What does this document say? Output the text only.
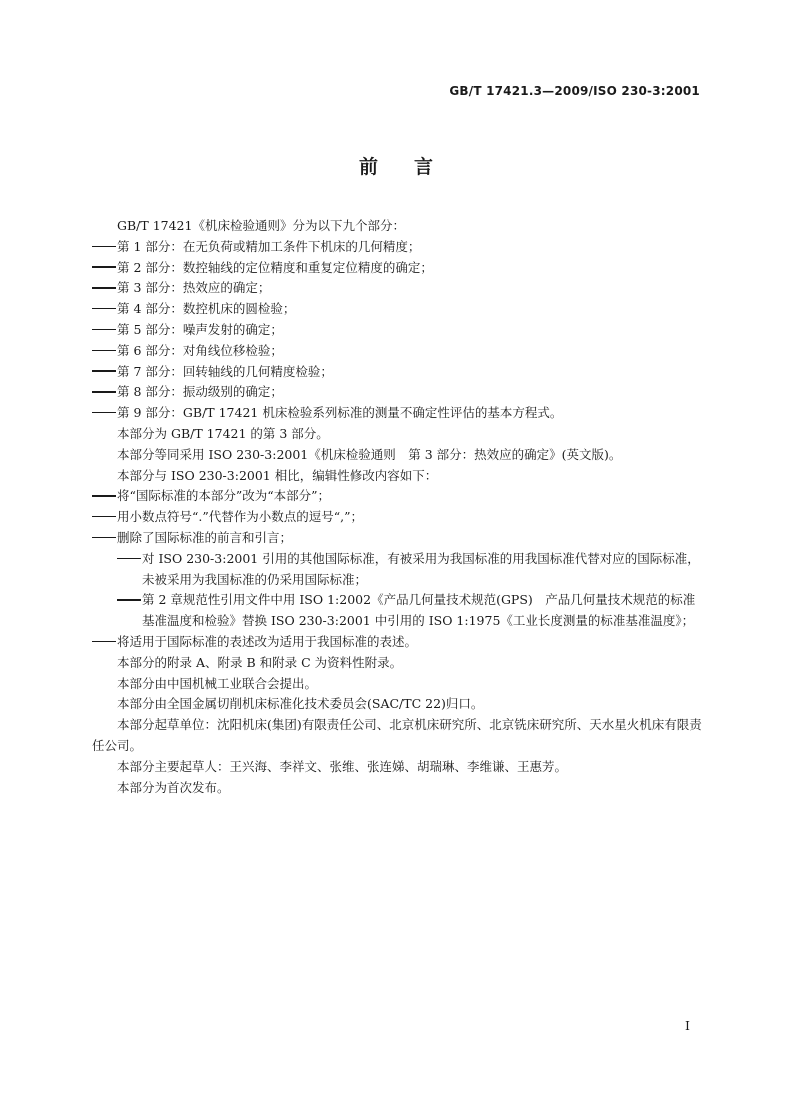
GB/T 17421.3—2009/ISO 230-3:2001
前言

GB/T 17421《机床检验通则》分为以下九个部分：

第 1 部分：在无负荷或精加工条件下机床的几何精度；

第 2 部分：数控轴线的定位精度和重复定位精度的确定；

第 3 部分：热效应的确定；

第 4 部分：数控机床的圆检验；

第 5 部分：噪声发射的确定；

第 6 部分：对角线位移检验；

第 7 部分：回转轴线的几何精度检验；

第 8 部分：振动级别的确定；

第 9 部分：GB/T 17421 机床检验系列标准的测量不确定性评估的基本方程式。

本部分为 GB/T 17421 的第 3 部分。

本部分等同采用 ISO 230-3:2001《机床检验通则　第 3 部分：热效应的确定》(英文版)。

本部分与 ISO 230-3:2001 相比，编辑性修改内容如下：

将“国际标准的本部分”改为“本部分”；

用小数点符号“.”代替作为小数点的逗号“,”；

删除了国际标准的前言和引言；

对 ISO 230-3:2001 引用的其他国际标准，有被采用为我国标准的用我国标准代替对应的国际标准，未被采用为我国标准的仍采用国际标准；

第 2 章规范性引用文件中用 ISO 1:2002《产品几何量技术规范(GPS)　产品几何量技术规范的标准基准温度和检验》替换 ISO 230-3:2001 中引用的 ISO 1:1975《工业长度测量的标准基准温度》；

将适用于国际标准的表述改为适用于我国标准的表述。

本部分的附录 A、附录 B 和附录 C 为资料性附录。

本部分由中国机械工业联合会提出。

本部分由全国金属切削机床标准化技术委员会(SAC/TC 22)归口。

本部分起草单位：沈阳机床(集团)有限责任公司、北京机床研究所、北京铣床研究所、天水星火机床有限责任公司。

本部分主要起草人：王兴海、李祥文、张维、张连娣、胡瑞琳、李维谦、王惠芳。

本部分为首次发布。

I
